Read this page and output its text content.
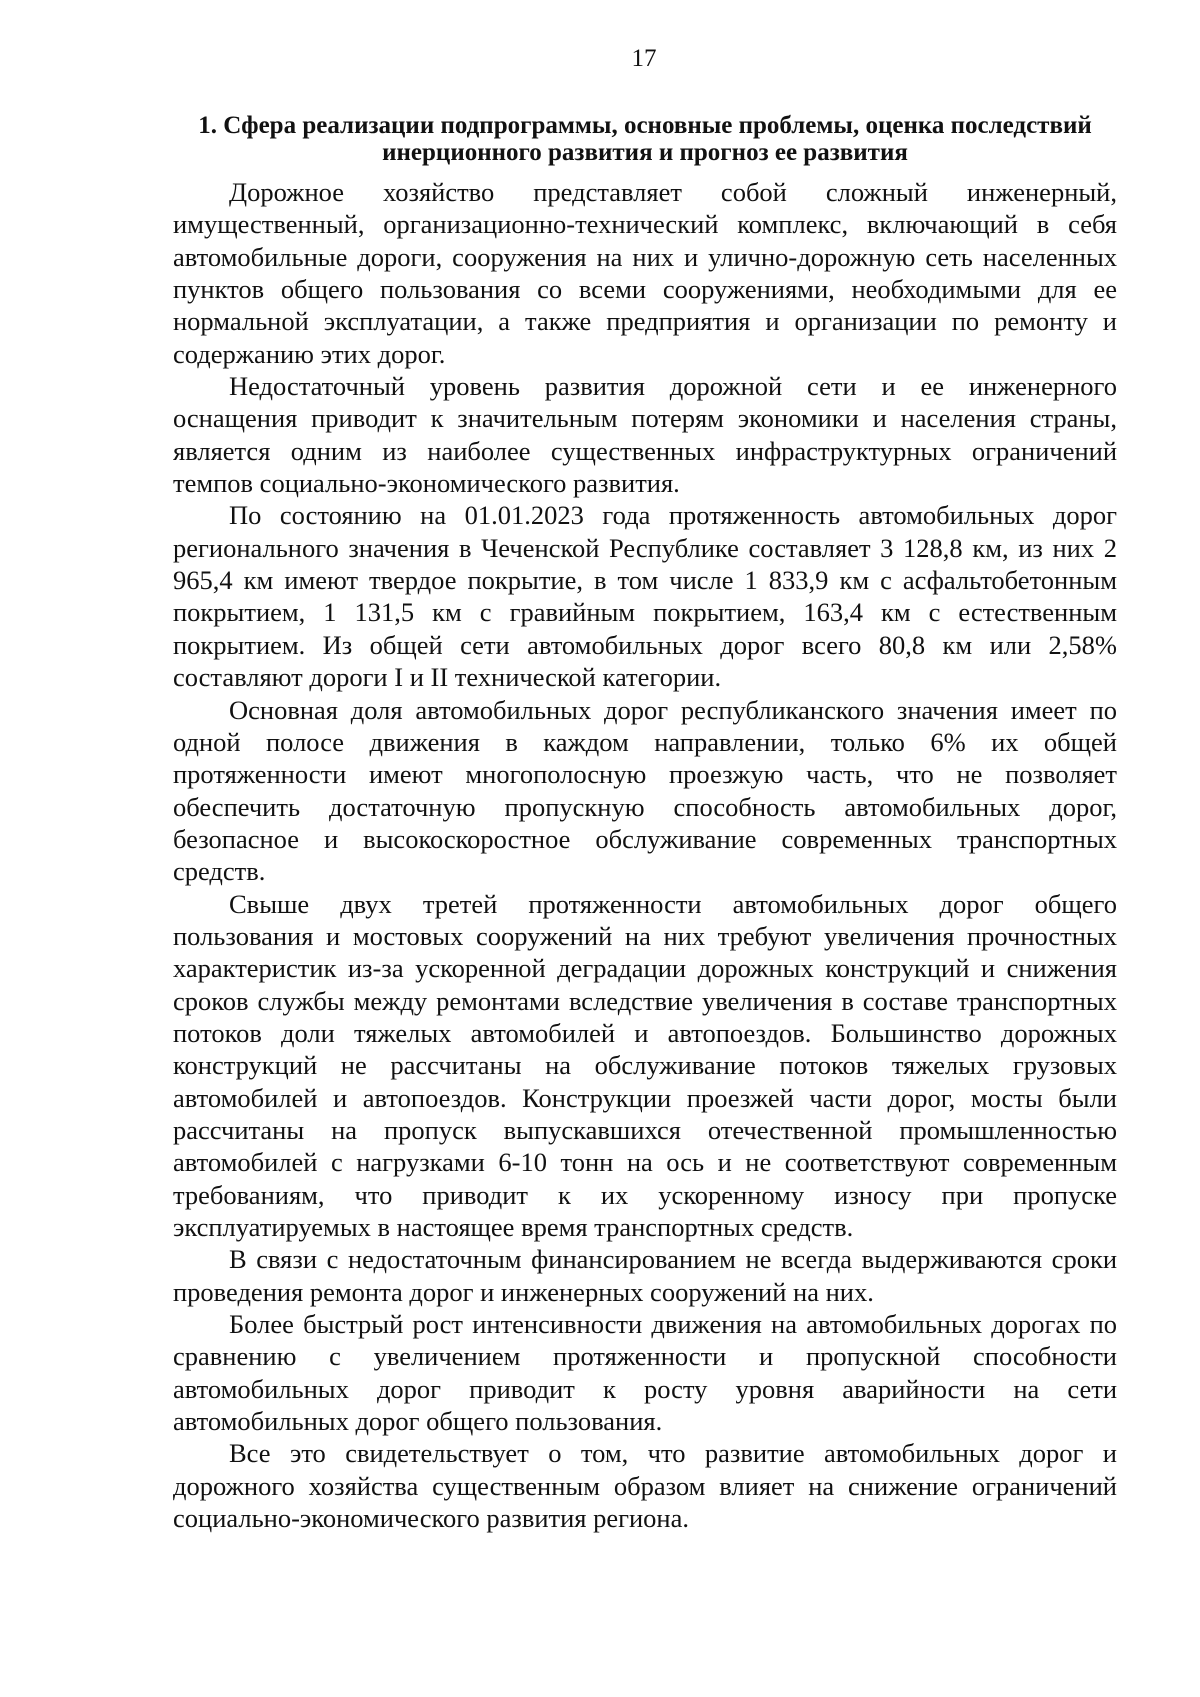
17
1. Сфера реализации подпрограммы, основные проблемы, оценка последствий инерционного развития и прогноз ее развития

Дорожное хозяйство представляет собой сложный инженерный, имущественный, организационно-технический комплекс, включающий в себя автомобильные дороги, сооружения на них и улично-дорожную сеть населенных пунктов общего пользования со всеми сооружениями, необходимыми для ее нормальной эксплуатации, а также предприятия и организации по ремонту и содержанию этих дорог.

Недостаточный уровень развития дорожной сети и ее инженерного оснащения приводит к значительным потерям экономики и населения страны, является одним из наиболее существенных инфраструктурных ограничений темпов социально-экономического развития.

По состоянию на 01.01.2023 года протяженность автомобильных дорог регионального значения в Чеченской Республике составляет 3 128,8 км, из них 2 965,4 км имеют твердое покрытие, в том числе 1 833,9 км с асфальтобетонным покрытием, 1 131,5 км с гравийным покрытием, 163,4 км с естественным покрытием. Из общей сети автомобильных дорог всего 80,8 км или 2,58% составляют дороги I и II технической категории.

Основная доля автомобильных дорог республиканского значения имеет по одной полосе движения в каждом направлении, только 6% их общей протяженности имеют многополосную проезжую часть, что не позволяет обеспечить достаточную пропускную способность автомобильных дорог, безопасное и высокоскоростное обслуживание современных транспортных средств.

Свыше двух третей протяженности автомобильных дорог общего пользования и мостовых сооружений на них требуют увеличения прочностных характеристик из-за ускоренной деградации дорожных конструкций и снижения сроков службы между ремонтами вследствие увеличения в составе транспортных потоков доли тяжелых автомобилей и автопоездов. Большинство дорожных конструкций не рассчитаны на обслуживание потоков тяжелых грузовых автомобилей и автопоездов. Конструкции проезжей части дорог, мосты были рассчитаны на пропуск выпускавшихся отечественной промышленностью автомобилей с нагрузками 6-10 тонн на ось и не соответствуют современным требованиям, что приводит к их ускоренному износу при пропуске эксплуатируемых в настоящее время транспортных средств.

В связи с недостаточным финансированием не всегда выдерживаются сроки проведения ремонта дорог и инженерных сооружений на них.

Более быстрый рост интенсивности движения на автомобильных дорогах по сравнению с увеличением протяженности и пропускной способности автомобильных дорог приводит к росту уровня аварийности на сети автомобильных дорог общего пользования.

Все это свидетельствует о том, что развитие автомобильных дорог и дорожного хозяйства существенным образом влияет на снижение ограничений социально-экономического развития региона.
